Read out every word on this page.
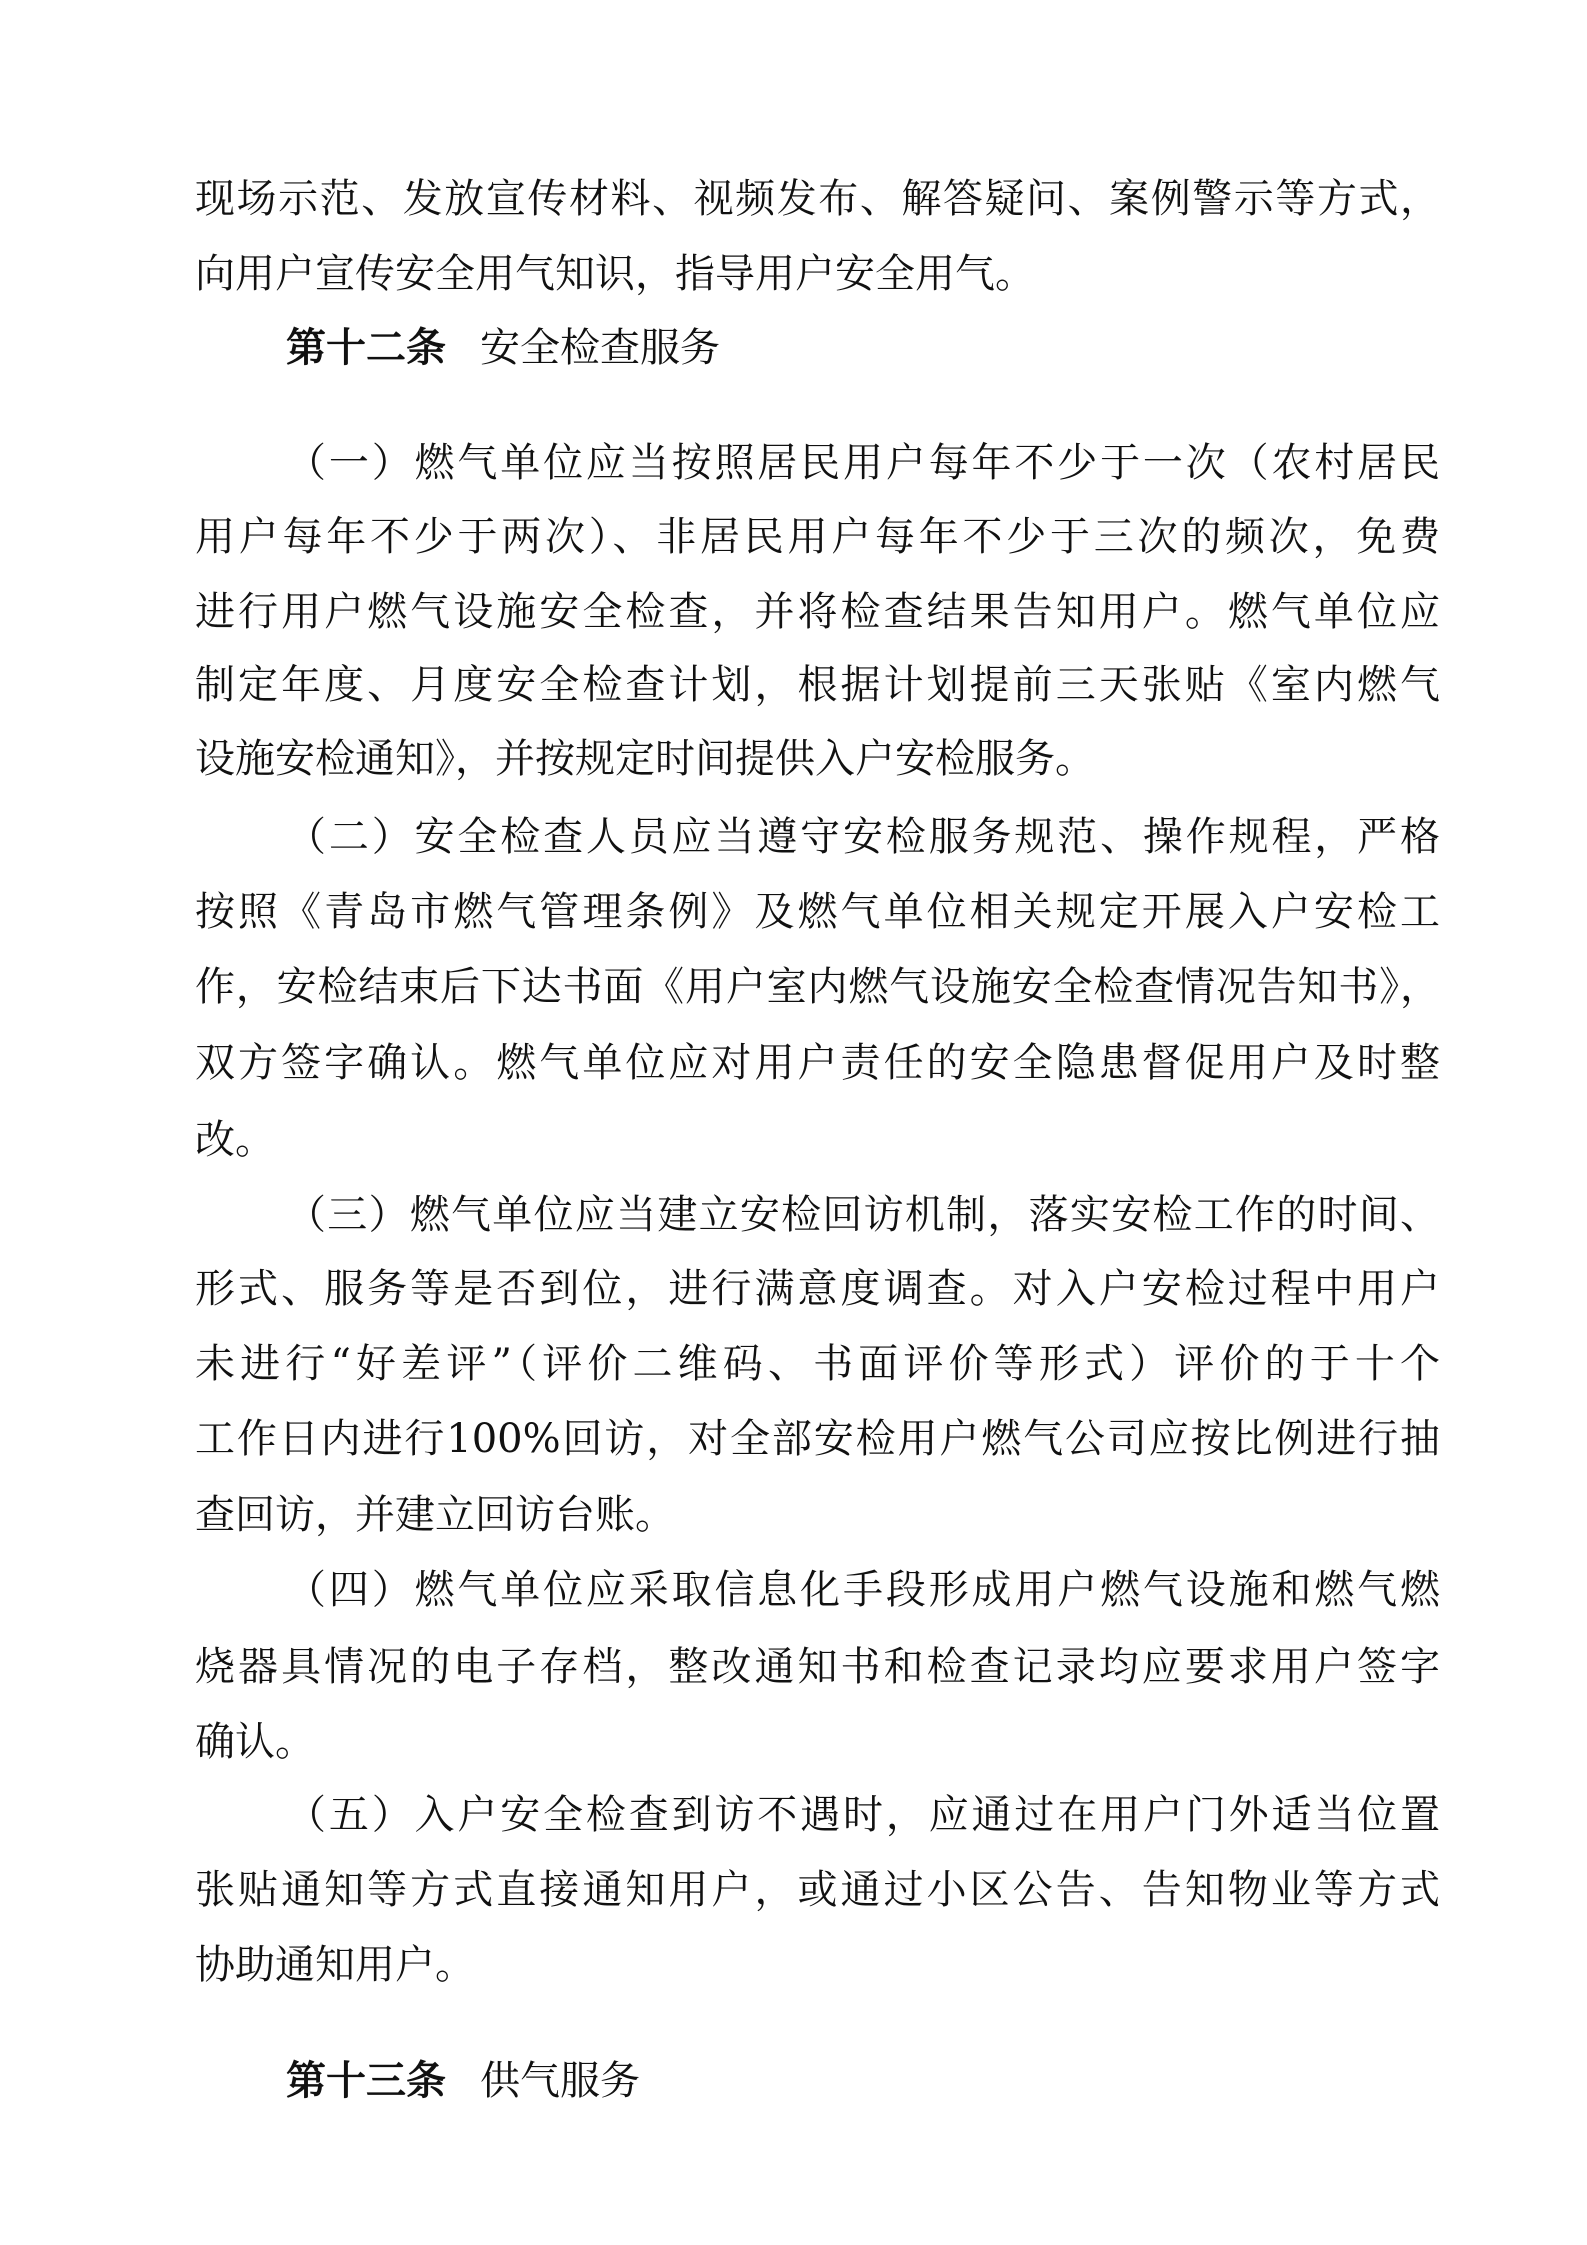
现场示范、发放宣传材料、视频发布、解答疑问、案例警示等方式，
向用户宣传安全用气知识，指导用户安全用气。
第十二条 安全检查服务
（一）燃气单位应当按照居民用户每年不少于一次（农村居民
用户每年不少于两次）、非居民用户每年不少于三次的频次，免费
进行用户燃气设施安全检查，并将检查结果告知用户。燃气单位应
制定年度、月度安全检查计划，根据计划提前三天张贴《室内燃气
设施安检通知》，并按规定时间提供入户安检服务。
（二）安全检查人员应当遵守安检服务规范、操作规程，严格
按照《青岛市燃气管理条例》及燃气单位相关规定开展入户安检工
作，安检结束后下达书面《用户室内燃气设施安全检查情况告知书》，
双方签字确认。燃气单位应对用户责任的安全隐患督促用户及时整
改。
（三）燃气单位应当建立安检回访机制，落实安检工作的时间、
形式、服务等是否到位，进行满意度调查。对入户安检过程中用户
未进行“好差评”（评价二维码、书面评价等形式）评价的于十个
工作日内进行100%回访，对全部安检用户燃气公司应按比例进行抽
查回访，并建立回访台账。
（四）燃气单位应采取信息化手段形成用户燃气设施和燃气燃
烧器具情况的电子存档，整改通知书和检查记录均应要求用户签字
确认。
（五）入户安全检查到访不遇时，应通过在用户门外适当位置
张贴通知等方式直接通知用户，或通过小区公告、告知物业等方式
协助通知用户。
第十三条 供气服务
